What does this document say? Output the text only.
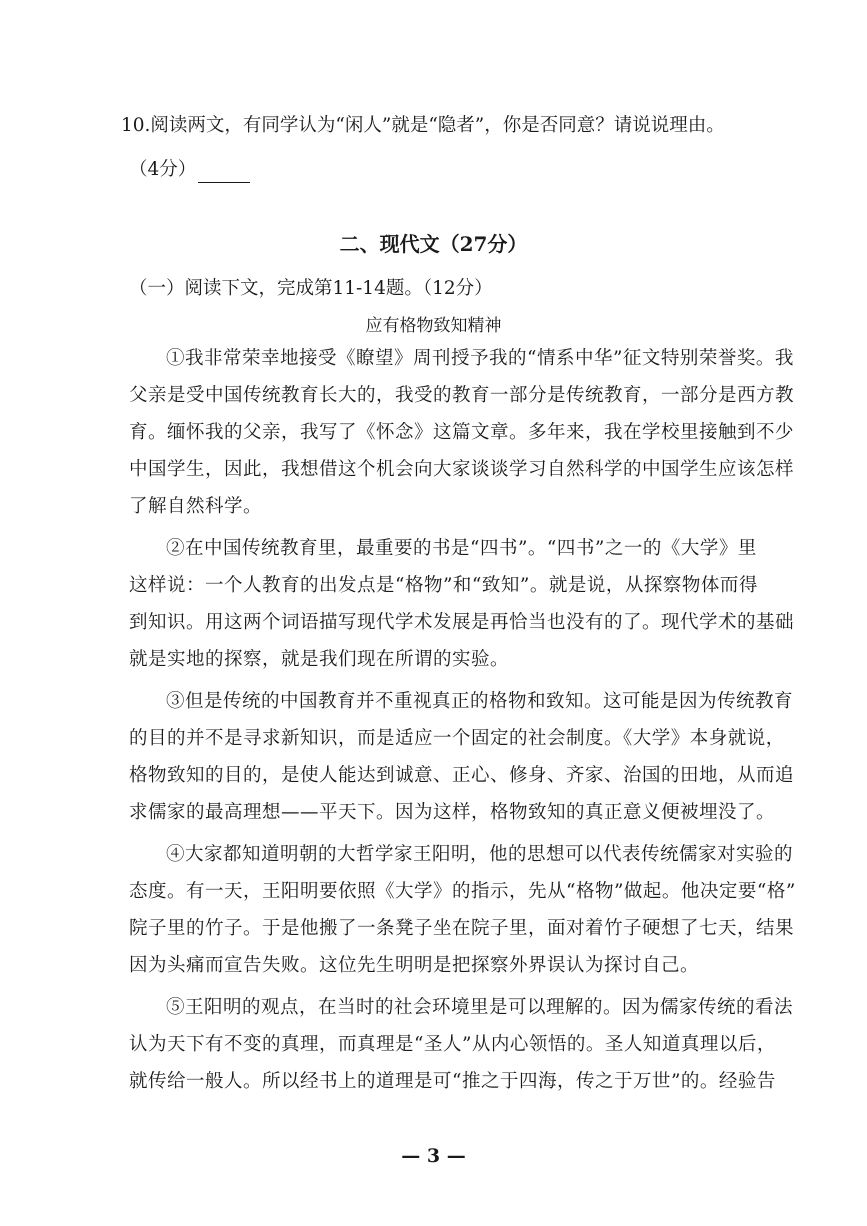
10.阅读两文，有同学认为“闲人”就是“隐者”，你是否同意？请说说理由。
（4分）
二、现代文（27分）
（一）阅读下文，完成第11-14题。（12分）
应有格物致知精神
①我非常荣幸地接受《瞭望》周刊授予我的“情系中华”征文特别荣誉奖。我
父亲是受中国传统教育长大的，我受的教育一部分是传统教育，一部分是西方教
育。缅怀我的父亲，我写了《怀念》这篇文章。多年来，我在学校里接触到不少
中国学生，因此，我想借这个机会向大家谈谈学习自然科学的中国学生应该怎样
了解自然科学。
②在中国传统教育里，最重要的书是“四书”。“四书”之一的《大学》里
这样说：一个人教育的出发点是“格物”和“致知”。就是说，从探察物体而得
到知识。用这两个词语描写现代学术发展是再恰当也没有的了。现代学术的基础
就是实地的探察，就是我们现在所谓的实验。
③但是传统的中国教育并不重视真正的格物和致知。这可能是因为传统教育
的目的并不是寻求新知识，而是适应一个固定的社会制度。《大学》本身就说，
格物致知的目的，是使人能达到诚意、正心、修身、齐家、治国的田地，从而追
求儒家的最高理想——平天下。因为这样，格物致知的真正意义便被埋没了。
④大家都知道明朝的大哲学家王阳明，他的思想可以代表传统儒家对实验的
态度。有一天，王阳明要依照《大学》的指示，先从“格物”做起。他决定要“格”
院子里的竹子。于是他搬了一条凳子坐在院子里，面对着竹子硬想了七天，结果
因为头痛而宣告失败。这位先生明明是把探察外界误认为探讨自己。
⑤王阳明的观点，在当时的社会环境里是可以理解的。因为儒家传统的看法
认为天下有不变的真理，而真理是“圣人”从内心领悟的。圣人知道真理以后，
就传给一般人。所以经书上的道理是可“推之于四海，传之于万世”的。经验告
— 3 —
